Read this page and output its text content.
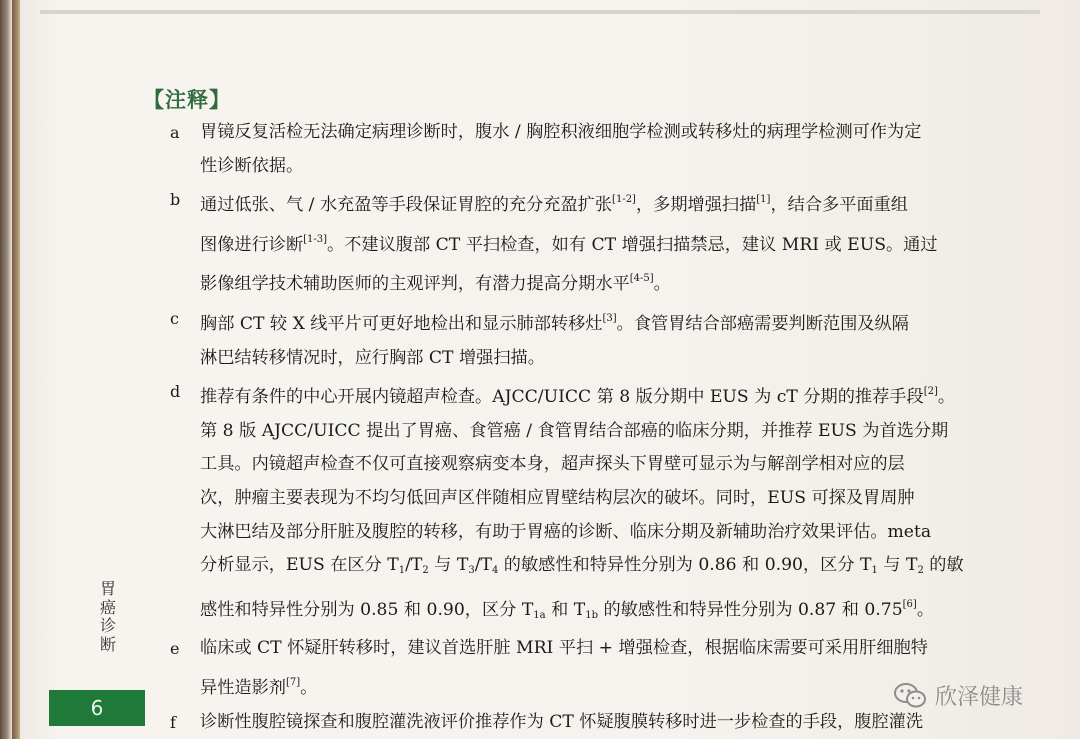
【注释】
a 胃镜反复活检无法确定病理诊断时，腹水 / 胸腔积液细胞学检测或转移灶的病理学检测可作为定
性诊断依据。
b 通过低张、气 / 水充盈等手段保证胃腔的充分充盈扩张[1-2]，多期增强扫描[1]，结合多平面重组
图像进行诊断[1-3]。不建议腹部 CT 平扫检查，如有 CT 增强扫描禁忌，建议 MRI 或 EUS。通过
影像组学技术辅助医师的主观评判，有潜力提高分期水平[4-5]。
c 胸部 CT 较 X 线平片可更好地检出和显示肺部转移灶[3]。食管胃结合部癌需要判断范围及纵隔
淋巴结转移情况时，应行胸部 CT 增强扫描。
d 推荐有条件的中心开展内镜超声检查。AJCC/UICC 第 8 版分期中 EUS 为 cT 分期的推荐手段[2]。
第 8 版 AJCC/UICC 提出了胃癌、食管癌 / 食管胃结合部癌的临床分期，并推荐 EUS 为首选分期
工具。内镜超声检查不仅可直接观察病变本身，超声探头下胃壁可显示为与解剖学相对应的层
次，肿瘤主要表现为不均匀低回声区伴随相应胃壁结构层次的破坏。同时，EUS 可探及胃周肿
大淋巴结及部分肝脏及腹腔的转移，有助于胃癌的诊断、临床分期及新辅助治疗效果评估。meta
分析显示，EUS 在区分 $T_1/T_2$ 与 $T_3/T_4$ 的敏感性和特异性分别为 0.86 和 0.90，区分 $T_1$ 与 $T_2$ 的敏
感性和特异性分别为 0.85 和 0.90，区分 $T_{1a}$ 和 $T_{1b}$ 的敏感性和特异性分别为 0.87 和 0.75[6]。
e 临床或 CT 怀疑肝转移时，建议首选肝脏 MRI 平扫 + 增强检查，根据临床需要可采用肝细胞特
异性造影剂[7]。
f 诊断性腹腔镜探查和腹腔灌洗液评价推荐作为 CT 怀疑腹膜转移时进一步检查的手段，腹腔灌洗
胃
癌
诊
断
6	欣泽健康
